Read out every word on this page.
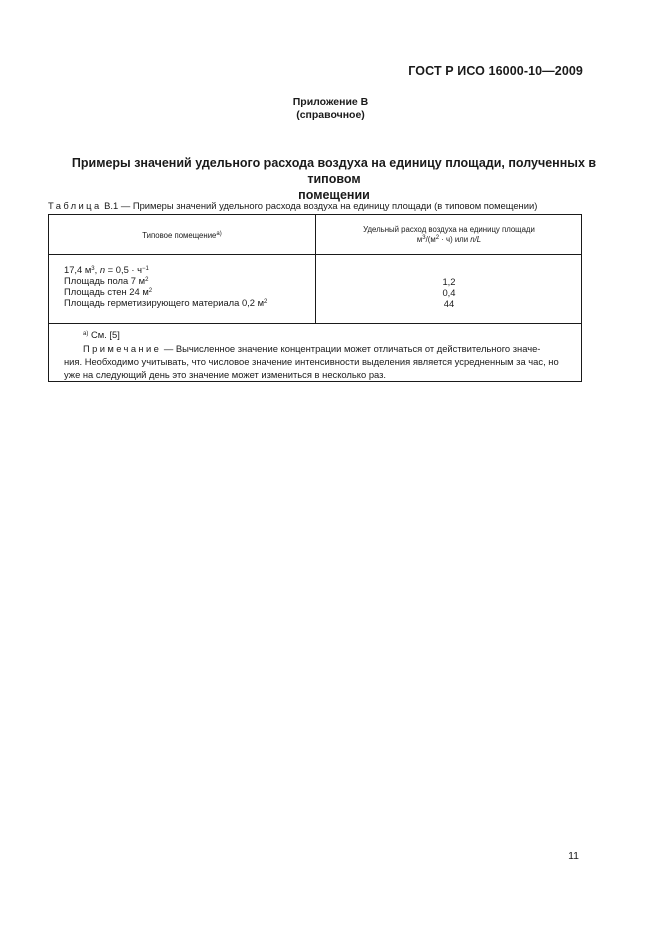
ГОСТ Р ИСО 16000-10—2009
Приложение В
(справочное)
Примеры значений удельного расхода воздуха на единицу площади, полученных в типовом
помещении
Таблица В.1 — Примеры значений удельного расхода воздуха на единицу площади (в типовом помещении)
Типовое помещение$^{а)}$	Удельный расход воздуха на единицу площади
$м^3/(м^2 \cdot ч)$ или n/L
17,4 $м^3$, $n = 0,5 \cdot ч^{-1}$
Площадь пола 7 $м^2$	1,2
Площадь стен 24 $м^2$	0,4
Площадь герметизирующего материала 0,2 $м^2$	44
$^{а)}$ См. [5]
Примечание — Вычисленное значение концентрации может отличаться от действительного значе-
ния. Необходимо учитывать, что числовое значение интенсивности выделения является усредненным за час, но
уже на следующий день это значение может измениться в несколько раз.
11
